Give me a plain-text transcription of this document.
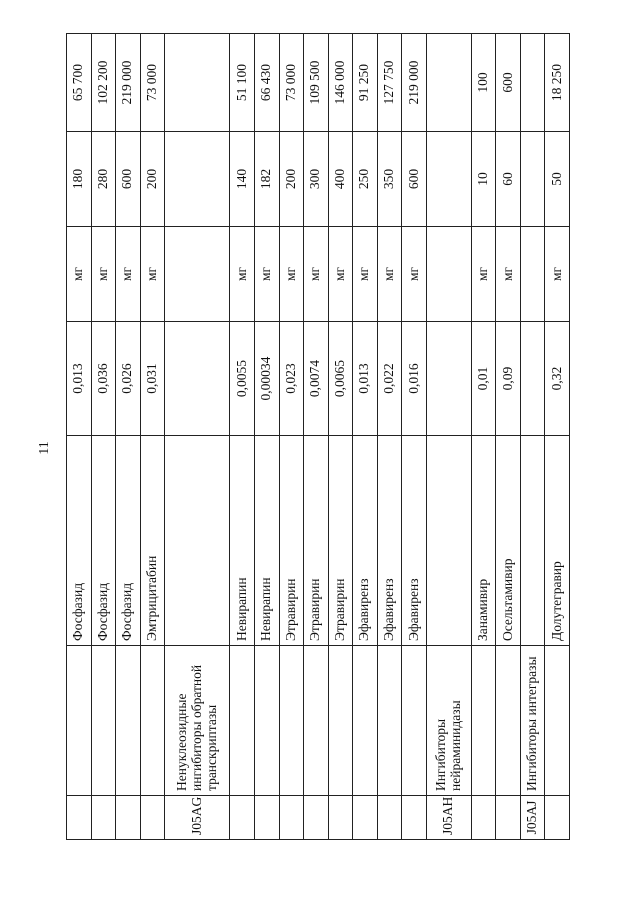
11
		Фосфазид	0,013	мг	180	65 700
		Фосфазид	0,036	мг	280	102 200
		Фосфазид	0,026	мг	600	219 000
		Эмтрицитабин	0,031	мг	200	73 000
J05AG	Ненуклеозидные ингибиторы обратной транскриптазы					
		Невирапин	0,0055	мг	140	51 100
		Невирапин	0,00034	мг	182	66 430
		Этравирин	0,023	мг	200	73 000
		Этравирин	0,0074	мг	300	109 500
		Этравирин	0,0065	мг	400	146 000
		Эфавиренз	0,013	мг	250	91 250
		Эфавиренз	0,022	мг	350	127 750
		Эфавиренз	0,016	мг	600	219 000
J05AH	Ингибиторы нейраминидазы					
		Занамивир	0,01	мг	10	100
		Осельтамивир	0,09	мг	60	600
J05AJ	Ингибиторы интегразы					
		Долутегравир	0,32	мг	50	18 250
